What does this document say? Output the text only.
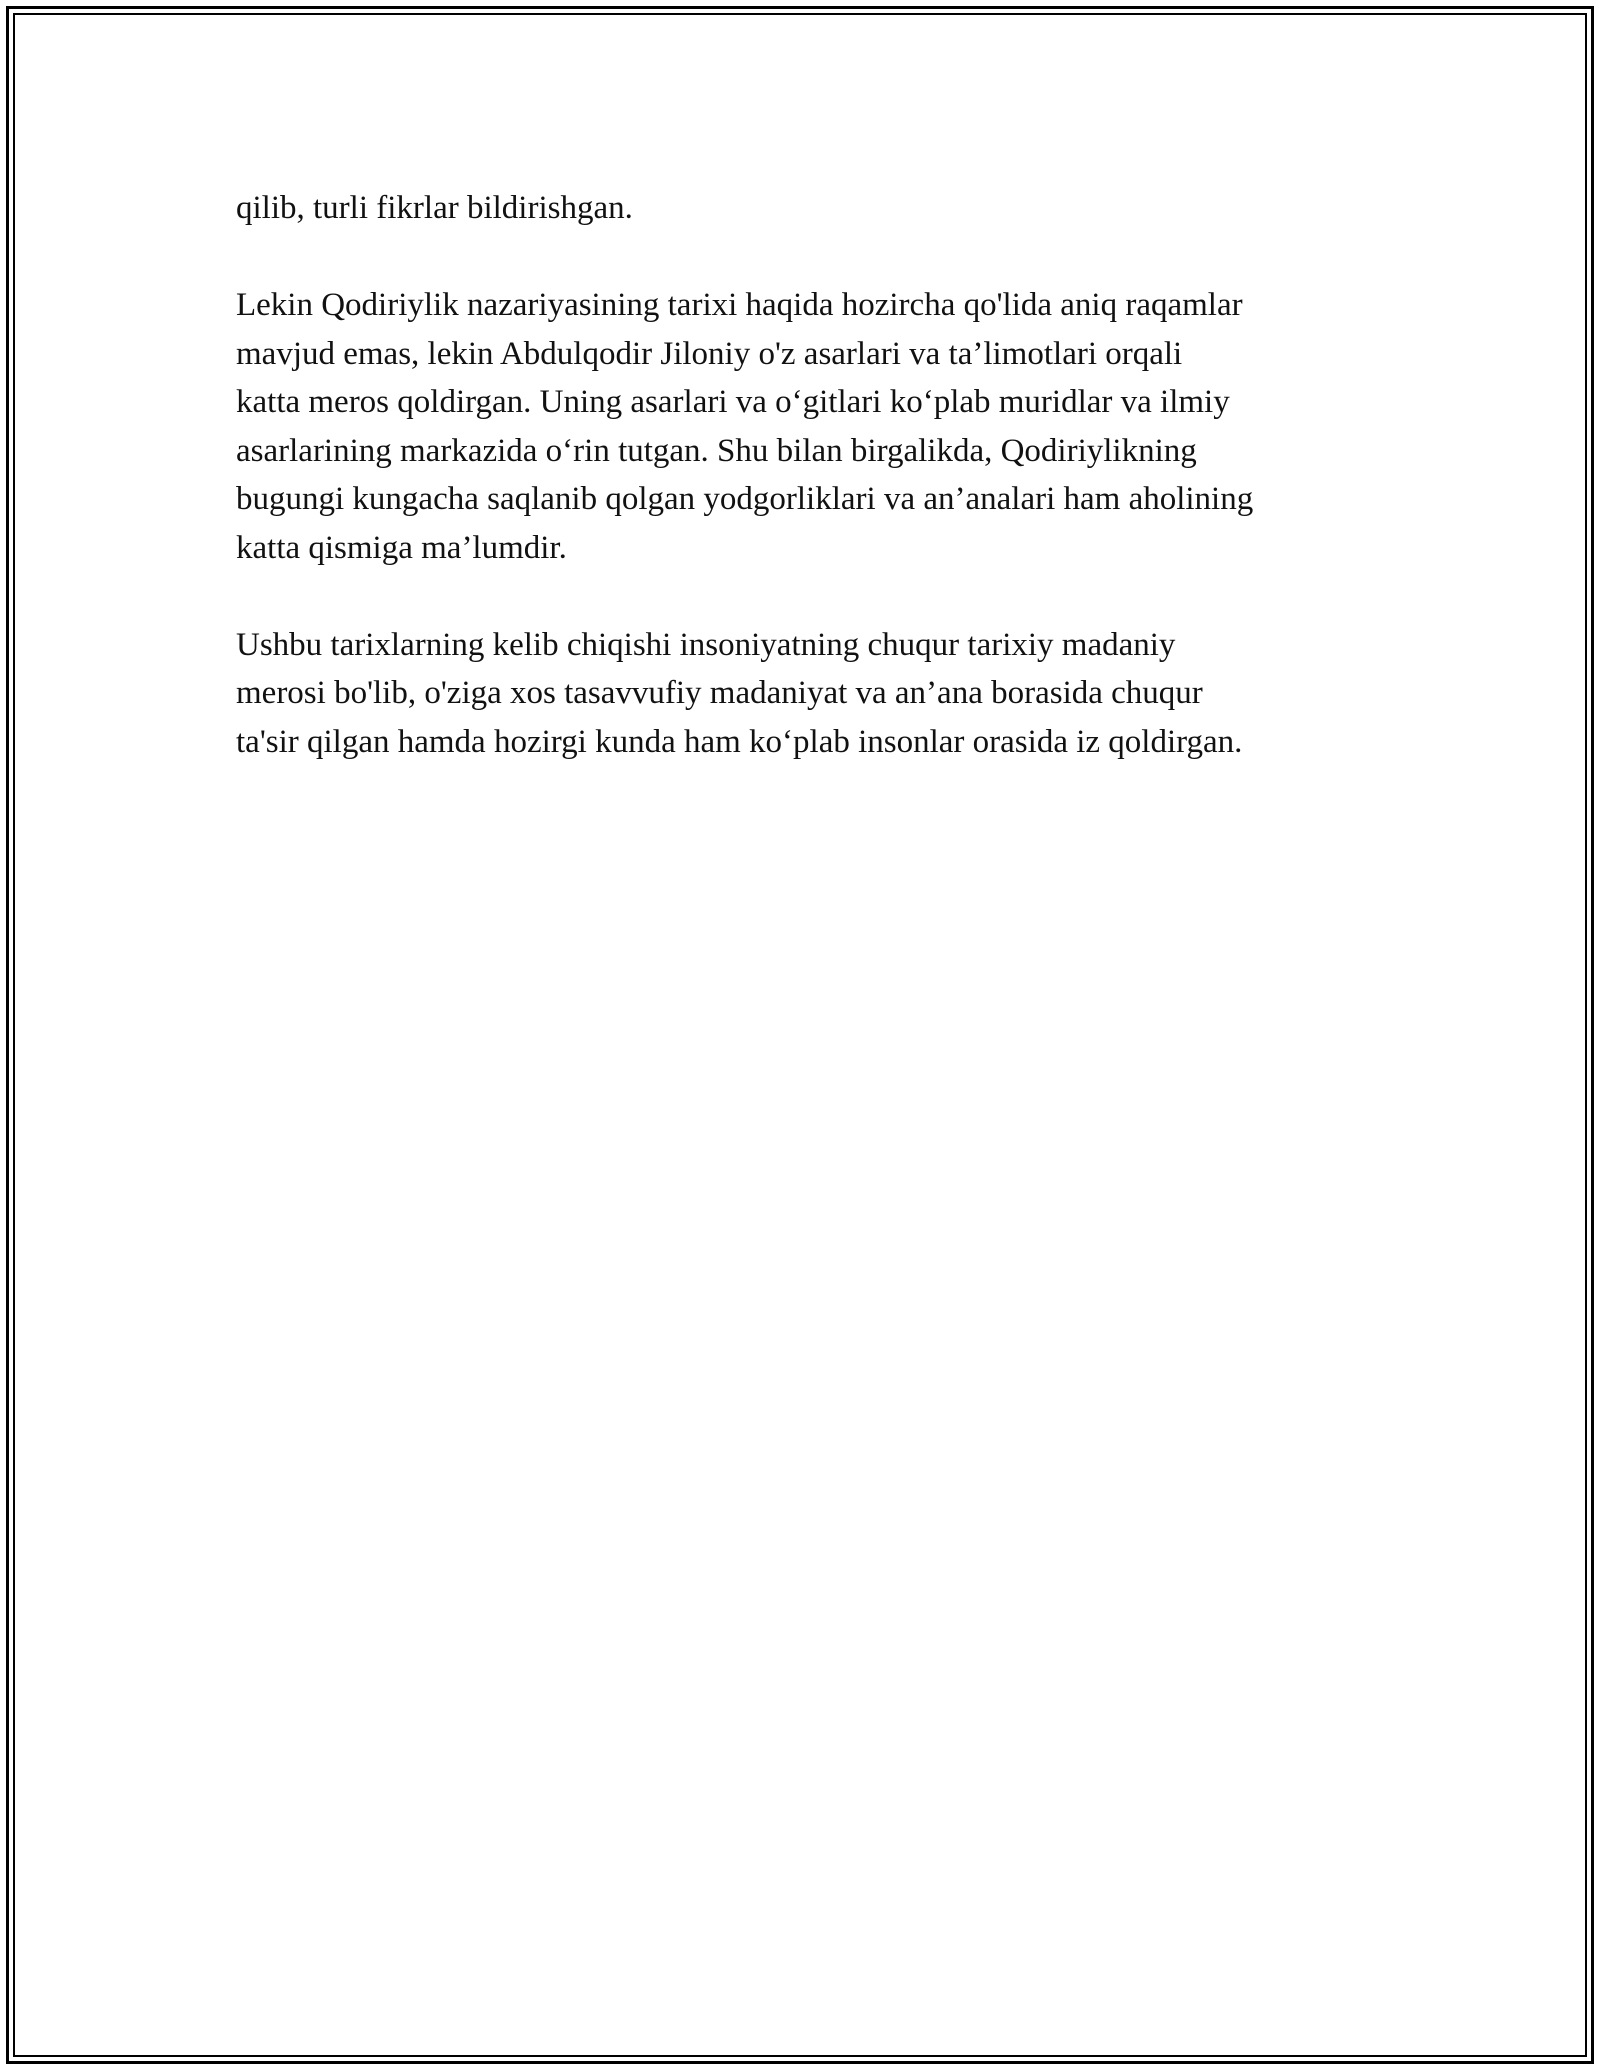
qilib, turli fikrlar bildirishgan.

Lekin Qodiriylik nazariyasining tarixi haqida hozircha qo'lida aniq raqamlar
mavjud emas, lekin Abdulqodir Jiloniy o'z asarlari va ta’limotlari orqali
katta meros qoldirgan. Uning asarlari va o‘gitlari ko‘plab muridlar va ilmiy
asarlarining markazida o‘rin tutgan. Shu bilan birgalikda, Qodiriylikning
bugungi kungacha saqlanib qolgan yodgorliklari va an’analari ham aholining
katta qismiga ma’lumdir.

Ushbu tarixlarning kelib chiqishi insoniyatning chuqur tarixiy madaniy
merosi bo'lib, o'ziga xos tasavvufiy madaniyat va an’ana borasida chuqur
ta'sir qilgan hamda hozirgi kunda ham ko‘plab insonlar orasida iz qoldirgan.
